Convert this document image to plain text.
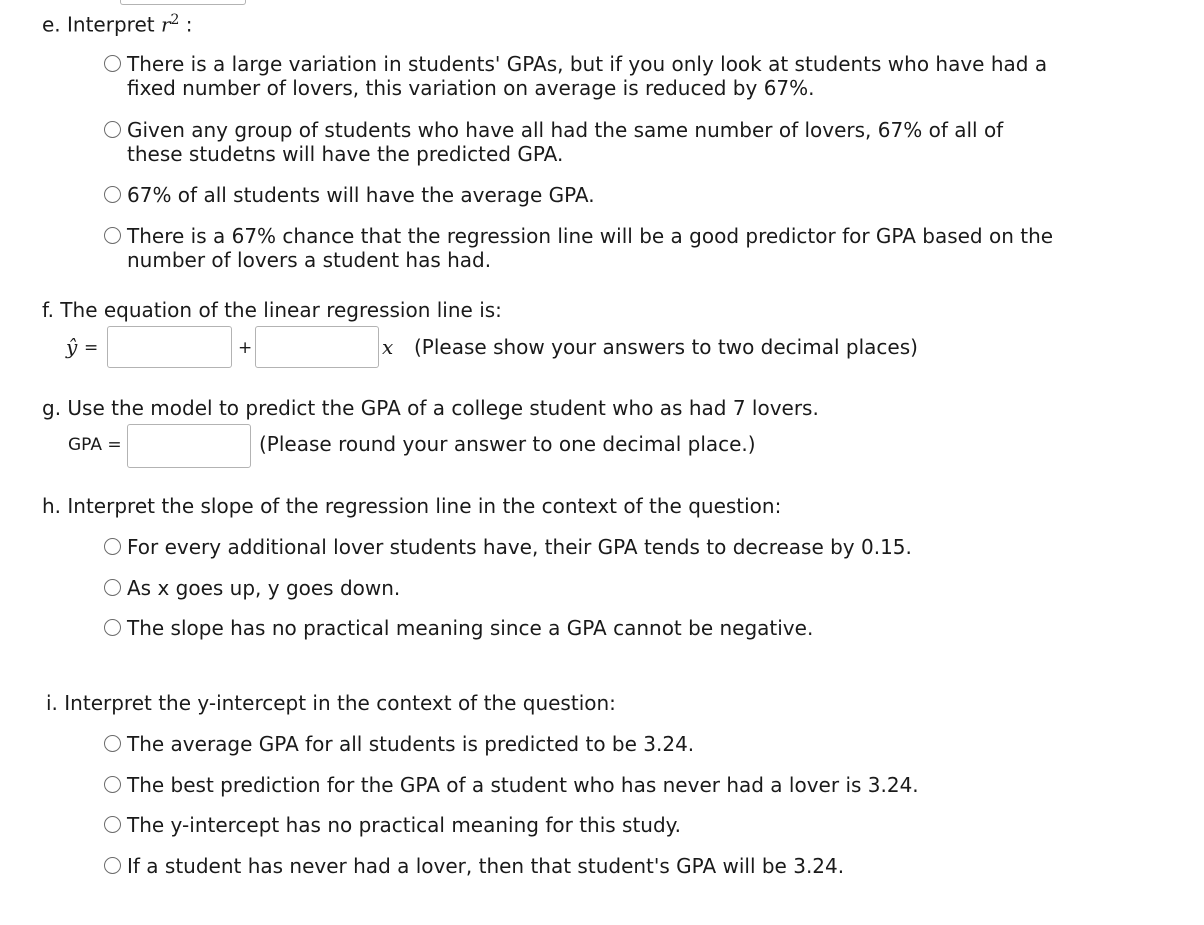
e. Interpret $r^2$ :
There is a large variation in students' GPAs, but if you only look at students who have had a fixed number of lovers, this variation on average is reduced by 67%.
Given any group of students who have all had the same number of lovers, 67% of all of these studetns will have the predicted GPA.
67% of all students will have the average GPA.
There is a 67% chance that the regression line will be a good predictor for GPA based on the number of lovers a student has had.
f. The equation of the linear regression line is:
ŷ =	+	x (Please show your answers to two decimal places)
g. Use the model to predict the GPA of a college student who as had 7 lovers.
GPA =	(Please round your answer to one decimal place.)
h. Interpret the slope of the regression line in the context of the question:
For every additional lover students have, their GPA tends to decrease by 0.15.
As x goes up, y goes down.
The slope has no practical meaning since a GPA cannot be negative.
i. Interpret the y-intercept in the context of the question:
The average GPA for all students is predicted to be 3.24.
The best prediction for the GPA of a student who has never had a lover is 3.24.
The y-intercept has no practical meaning for this study.
If a student has never had a lover, then that student's GPA will be 3.24.
